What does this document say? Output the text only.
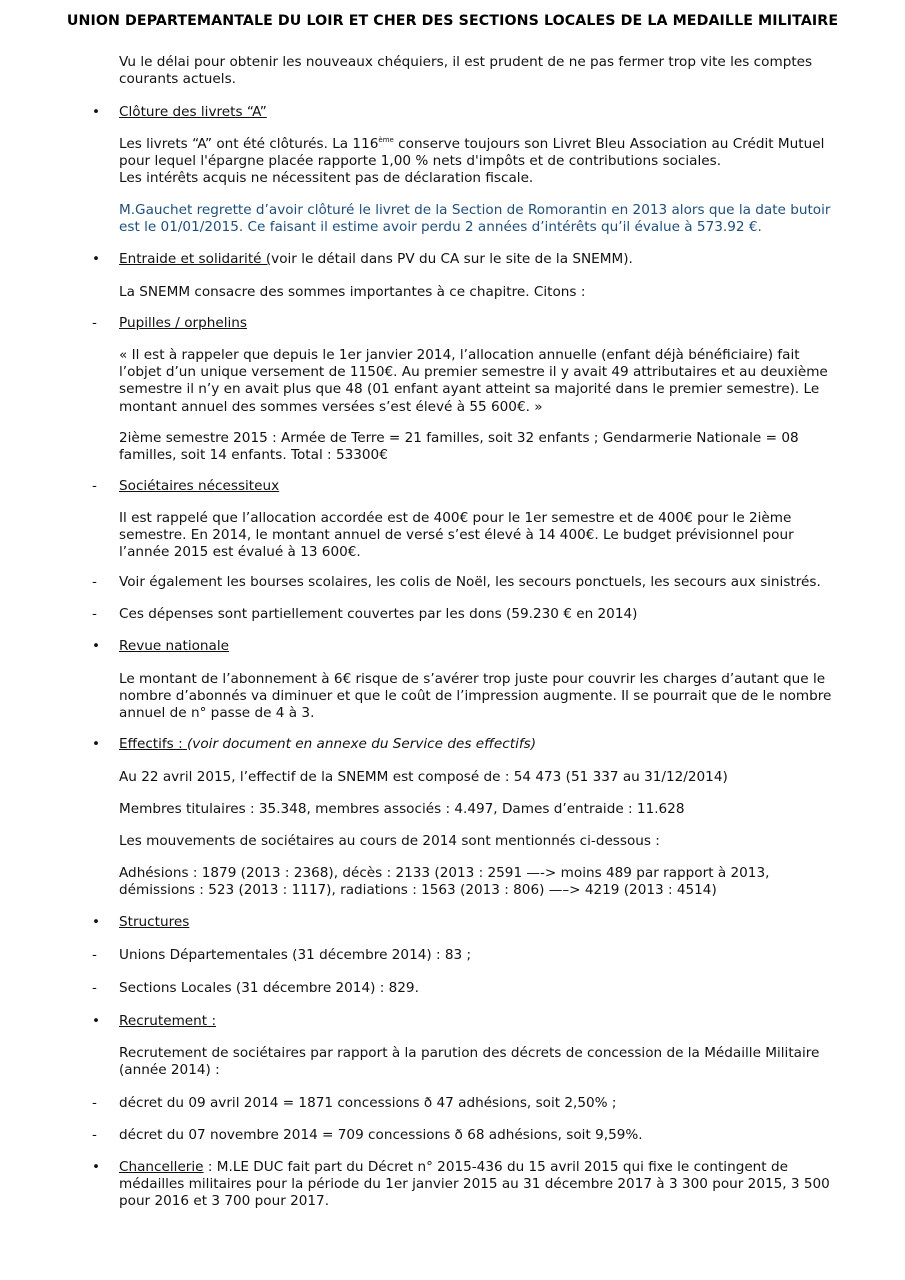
UNION DEPARTEMANTALE DU LOIR ET CHER DES SECTIONS LOCALES DE LA MEDAILLE MILITAIRE
Vu le délai pour obtenir les nouveaux chéquiers, il est prudent de ne pas fermer trop vite les comptes
courants actuels.
• Clôture des livrets “A”
Les livrets “A” ont été clôturés. La 116ème conserve toujours son Livret Bleu Association au Crédit Mutuel
pour lequel l'épargne placée rapporte 1,00 % nets d'impôts et de contributions sociales.
Les intérêts acquis ne nécessitent pas de déclaration fiscale.
M.Gauchet regrette d’avoir clôturé le livret de la Section de Romorantin en 2013 alors que la date butoir
est le 01/01/2015. Ce faisant il estime avoir perdu 2 années d’intérêts qu’il évalue à 573.92 €.
• Entraide et solidarité (voir le détail dans PV du CA sur le site de la SNEMM).
La SNEMM consacre des sommes importantes à ce chapitre. Citons :
- Pupilles / orphelins
« Il est à rappeler que depuis le 1er janvier 2014, l’allocation annuelle (enfant déjà bénéficiaire) fait
l’objet d’un unique versement de 1150€. Au premier semestre il y avait 49 attributaires et au deuxième
semestre il n’y en avait plus que 48 (01 enfant ayant atteint sa majorité dans le premier semestre). Le
montant annuel des sommes versées s’est élevé à 55 600€. »
2ième semestre 2015 : Armée de Terre = 21 familles, soit 32 enfants ; Gendarmerie Nationale = 08
familles, soit 14 enfants. Total : 53300€
- Sociétaires nécessiteux
Il est rappelé que l’allocation accordée est de 400€ pour le 1er semestre et de 400€ pour le 2ième
semestre. En 2014, le montant annuel de versé s’est élevé à 14 400€. Le budget prévisionnel pour
l’année 2015 est évalué à 13 600€.
- Voir également les bourses scolaires, les colis de Noël, les secours ponctuels, les secours aux sinistrés.
- Ces dépenses sont partiellement couvertes par les dons (59.230 € en 2014)
• Revue nationale
Le montant de l’abonnement à 6€ risque de s’avérer trop juste pour couvrir les charges d’autant que le
nombre d’abonnés va diminuer et que le coût de l’impression augmente. Il se pourrait que de le nombre
annuel de n° passe de 4 à 3.
• Effectifs : (voir document en annexe du Service des effectifs)
Au 22 avril 2015, l’effectif de la SNEMM est composé de : 54 473 (51 337 au 31/12/2014)
Membres titulaires : 35.348, membres associés : 4.497, Dames d’entraide : 11.628
Les mouvements de sociétaires au cours de 2014 sont mentionnés ci-dessous :
Adhésions : 1879 (2013 : 2368), décès : 2133 (2013 : 2591 —-> moins 489 par rapport à 2013,
démissions : 523 (2013 : 1117), radiations : 1563 (2013 : 806) —–> 4219 (2013 : 4514)
• Structures
- Unions Départementales (31 décembre 2014) : 83 ;
- Sections Locales (31 décembre 2014) : 829.
• Recrutement :
Recrutement de sociétaires par rapport à la parution des décrets de concession de la Médaille Militaire
(année 2014) :
- décret du 09 avril 2014 = 1871 concessions ð 47 adhésions, soit 2,50% ;
- décret du 07 novembre 2014 = 709 concessions ð 68 adhésions, soit 9,59%.
• Chancellerie : M.LE DUC fait part du Décret n° 2015-436 du 15 avril 2015 qui fixe le contingent de
médailles militaires pour la période du 1er janvier 2015 au 31 décembre 2017 à 3 300 pour 2015, 3 500
pour 2016 et 3 700 pour 2017.
